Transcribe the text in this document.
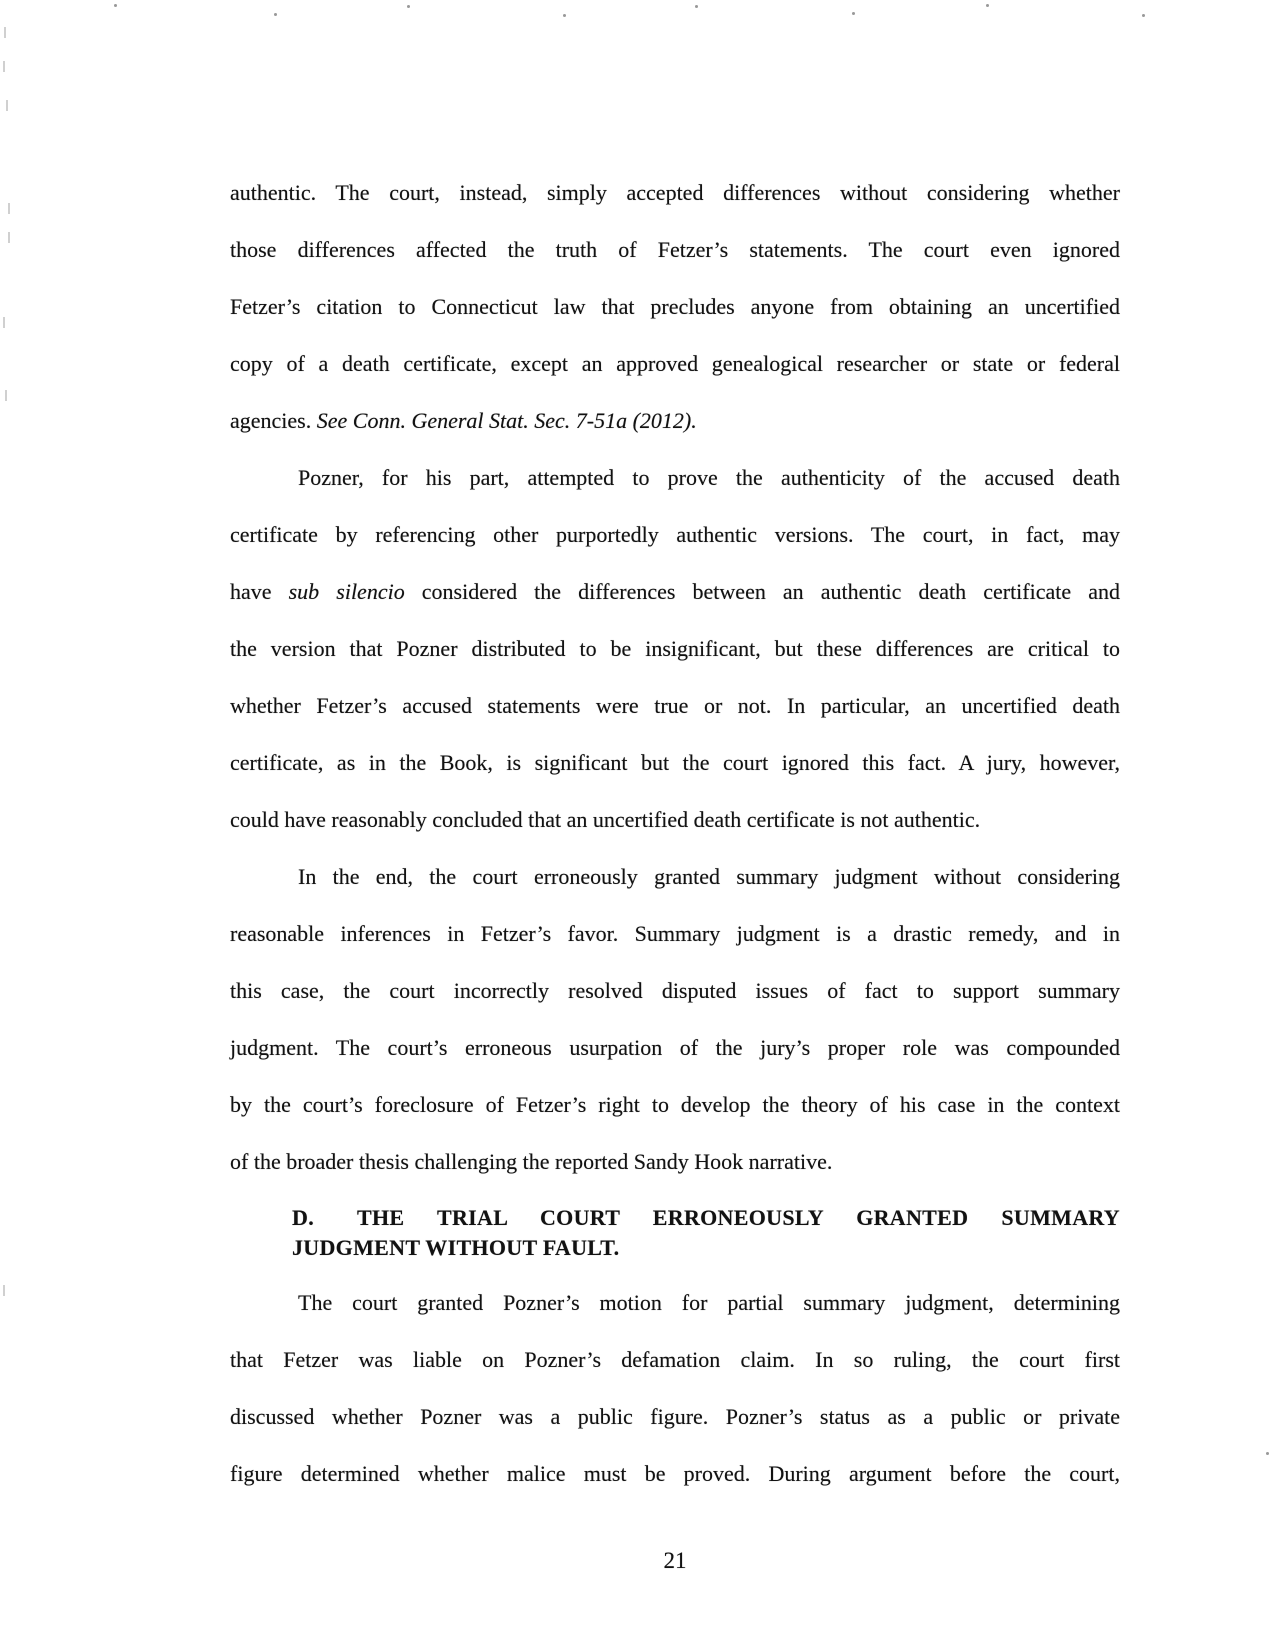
authentic. The court, instead, simply accepted differences without considering whether
those differences affected the truth of Fetzer’s statements. The court even ignored
Fetzer’s citation to Connecticut law that precludes anyone from obtaining an uncertified
copy of a death certificate, except an approved genealogical researcher or state or federal
agencies. See Conn. General Stat. Sec. 7-51a (2012).
Pozner, for his part, attempted to prove the authenticity of the accused death
certificate by referencing other purportedly authentic versions. The court, in fact, may
have sub silencio considered the differences between an authentic death certificate and
the version that Pozner distributed to be insignificant, but these differences are critical to
whether Fetzer’s accused statements were true or not. In particular, an uncertified death
certificate, as in the Book, is significant but the court ignored this fact. A jury, however,
could have reasonably concluded that an uncertified death certificate is not authentic.
In the end, the court erroneously granted summary judgment without considering
reasonable inferences in Fetzer’s favor. Summary judgment is a drastic remedy, and in
this case, the court incorrectly resolved disputed issues of fact to support summary
judgment. The court’s erroneous usurpation of the jury’s proper role was compounded
by the court’s foreclosure of Fetzer’s right to develop the theory of his case in the context
of the broader thesis challenging the reported Sandy Hook narrative.
D. THE TRIAL COURT ERRONEOUSLY GRANTED SUMMARY
JUDGMENT WITHOUT FAULT.
The court granted Pozner’s motion for partial summary judgment, determining
that Fetzer was liable on Pozner’s defamation claim. In so ruling, the court first
discussed whether Pozner was a public figure. Pozner’s status as a public or private
figure determined whether malice must be proved. During argument before the court,
21
